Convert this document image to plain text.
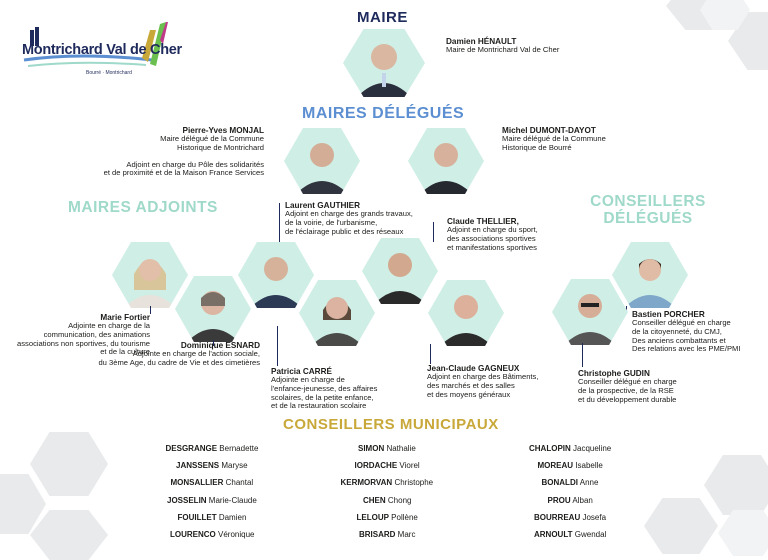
Montrichard Val de Cher
Bourré · Montrichard
MAIRE
Damien HÉNAULT
Maire de Montrichard Val de Cher
MAIRES DÉLÉGUÉS
Pierre-Yves MONJAL
Maire délégué de la Commune
Historique de Montrichard
Adjoint en charge du Pôle des solidarités
et de proximité et de la Maison France Services
Michel DUMONT-DAYOT
Maire délégué de la Commune
Historique de Bourré
MAIRES ADJOINTS	CONSEILLERS
DÉLÉGUÉS
Laurent GAUTHIER
Adjoint en charge des grands travaux,
de la voirie, de l'urbanisme,
de l'éclairage public et des réseaux
Claude THELLIER,
Adjoint en charge du sport,
des associations sportives
et manifestations sportives
Marie Fortier
Adjointe en charge de la
communication, des animations
associations non sportives, du tourisme
et de la culture
Dominique ESNARD
Adjointe en charge de l'action sociale,
du 3ème Age, du cadre de Vie et des cimetières
Patricia CARRÉ
Adjointe en charge de
l'enfance-jeunesse, des affaires
scolaires, de la petite enfance,
et de la restauration scolaire
Jean-Claude GAGNEUX
Adjoint en charge des Bâtiments,
des marchés et des salles
et des moyens généraux
Bastien PORCHER
Conseiller délégué en charge
de la citoyenneté, du CMJ,
Des anciens combattants et
Des relations avec les PME/PMI
Christophe GUDIN
Conseiller délégué en charge
de la prospective, de la RSE
et du développement durable
CONSEILLERS MUNICIPAUX
DESGRANGE Bernadette
JANSSENS Maryse
MONSALLIER Chantal
JOSSELIN Marie-Claude
FOUILLET Damien
LOURENCO Véronique
SIMON Nathalie
IORDACHE Viorel
KERMORVAN Christophe
CHEN Chong
LELOUP Pollène
BRISARD Marc
CHALOPIN Jacqueline
MOREAU Isabelle
BONALDI Anne
PROU Alban
BOURREAU Josefa
ARNOULT Gwendal
